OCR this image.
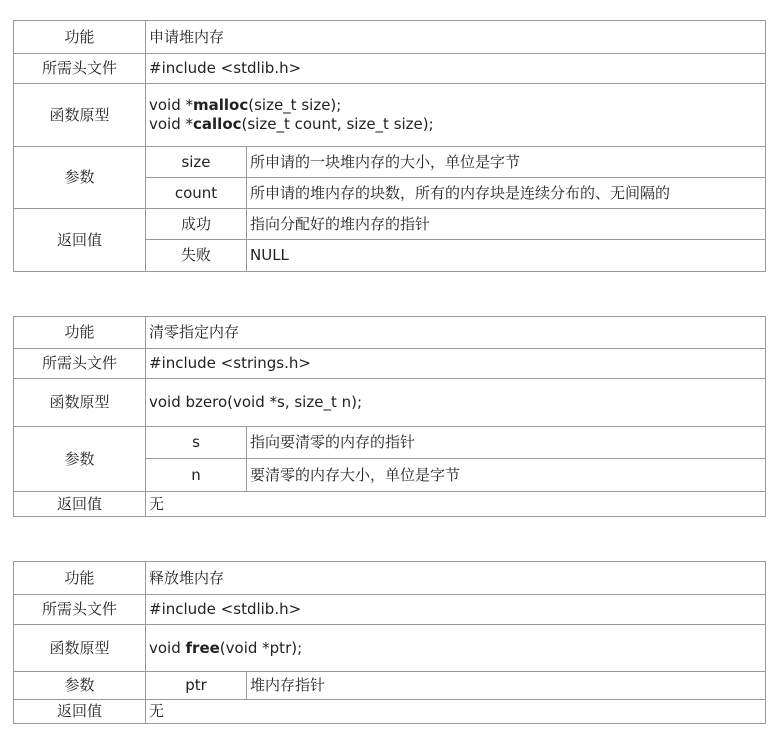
功能	申请堆内存	
所需头文件	#include <stdlib.h>	
函数原型	void *malloc(size_t size);
void *calloc(size_t count, size_t size);	

参数	size	所申请的一块堆内存的大小，单位是字节
	count	所申请的堆内存的块数，所有的内存块是连续分布的、无间隔的
返回值	成功	指向分配好的堆内存的指针
	失败	NULL
功能	清零指定内存	
所需头文件	#include <strings.h>	
函数原型	void bzero(void *s, size_t n);	
参数	s	指向要清零的内存的指针
	n	要清零的内存大小，单位是字节
返回值	无	
功能	释放堆内存	
所需头文件	#include <stdlib.h>	
函数原型	void free(void *ptr);	
参数	ptr	堆内存指针
返回值	无	
